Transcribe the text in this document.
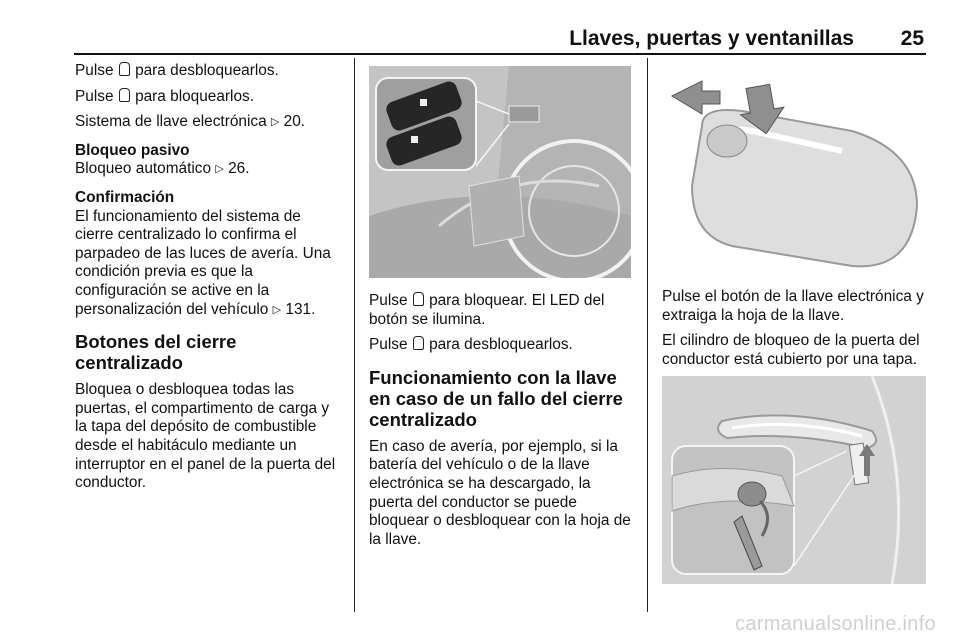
Llaves, puertas y ventanillas 25

Pulse para desbloquearlos.

Pulse para bloquearlos.

Sistema de llave electrónica ▷ 20.

Bloqueo pasivo

Bloqueo automático ▷ 26.

Confirmación

El funcionamiento del sistema de cierre centralizado lo confirma el parpadeo de las luces de avería. Una condición previa es que la configuración se active en la personalización del vehículo ▷ 131.

Botones del cierre centralizado

Bloquea o desbloquea todas las puertas, el compartimento de carga y la tapa del depósito de combustible desde el habitáculo mediante un interruptor en el panel de la puerta del conductor.

Pulse para bloquear. El LED del botón se ilumina.

Pulse para desbloquearlos.

Funcionamiento con la llave en caso de un fallo del cierre centralizado

En caso de avería, por ejemplo, si la batería del vehículo o de la llave electrónica se ha descargado, la puerta del conductor se puede bloquear o desbloquear con la hoja de la llave.

Pulse el botón de la llave electrónica y extraiga la hoja de la llave.

El cilindro de bloqueo de la puerta del conductor está cubierto por una tapa.

carmanualsonline.info
